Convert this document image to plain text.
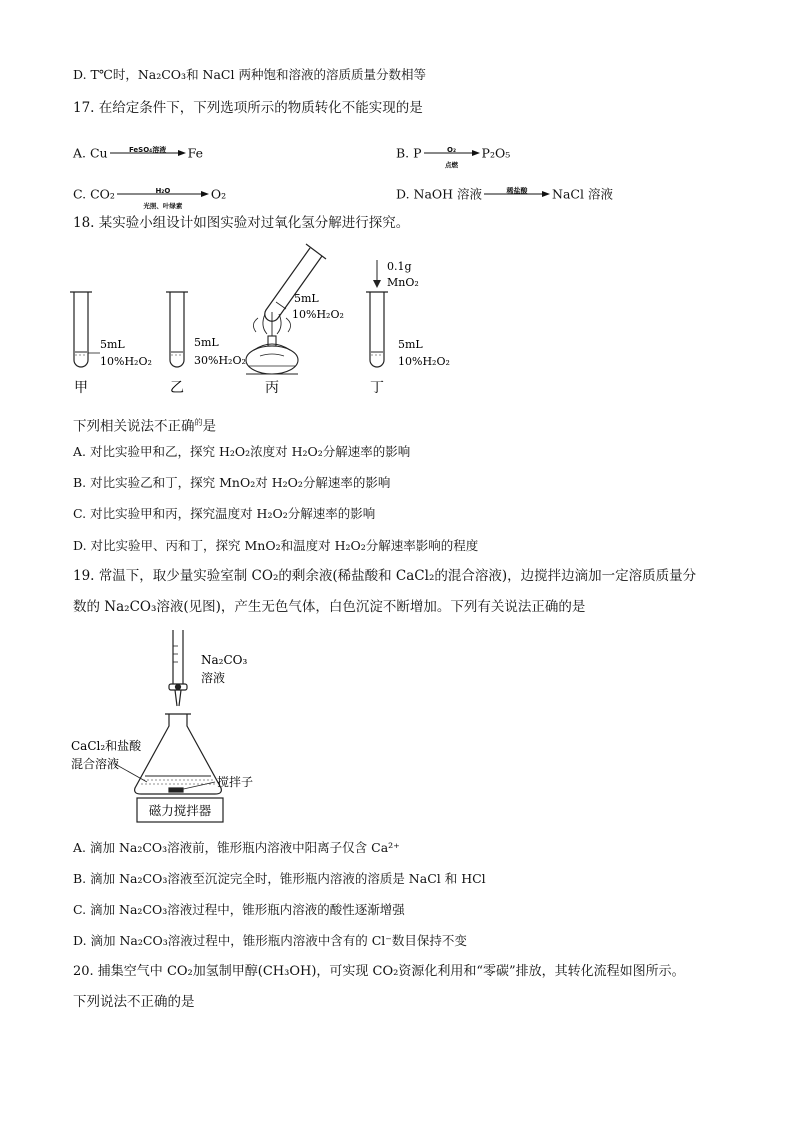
D. T℃时，Na₂CO₃和 NaCl 两种饱和溶液的溶质质量分数相等
17. 在给定条件下，下列选项所示的物质转化不能实现的是
A. Cu	FeSO₄溶液	Fe	B. P	O₂
点燃
P₂O₅
C. CO₂	H₂O
光照、叶绿素
O₂	D. NaOH 溶液	稀盐酸	NaCl 溶液
18. 某实验小组设计如图实验对过氧化氢分解进行探究。
5mL
10%H₂O₂
甲
5mL
30%H₂O₂
乙
5mL
10%H₂O₂
丙
0.1g
MnO₂
5mL
10%H₂O₂
丁
下列相关说法不正确$^的$是
A. 对比实验甲和乙，探究 H₂O₂浓度对 H₂O₂分解速率的影响
B. 对比实验乙和丁，探究 MnO₂对 H₂O₂分解速率的影响
C. 对比实验甲和丙，探究温度对 H₂O₂分解速率的影响
D. 对比实验甲、丙和丁，探究 MnO₂和温度对 H₂O₂分解速率影响的程度
19. 常温下，取少量实验室制 CO₂的剩余液(稀盐酸和 CaCl₂的混合溶液)，边搅拌边滴加一定溶质质量分
数的 Na₂CO₃溶液(见图)，产生无色气体，白色沉淀不断增加。下列有关说法正确的是
Na₂CO₃
溶液
磁力搅拌器
CaCl₂和盐酸
混合溶液
搅拌子
A. 滴加 Na₂CO₃溶液前，锥形瓶内溶液中阳离子仅含 Ca²⁺
B. 滴加 Na₂CO₃溶液至沉淀完全时，锥形瓶内溶液的溶质是 NaCl 和 HCl
C. 滴加 Na₂CO₃溶液过程中，锥形瓶内溶液的酸性逐渐增强
D. 滴加 Na₂CO₃溶液过程中，锥形瓶内溶液中含有的 Cl⁻数目保持不变
20. 捕集空气中 CO₂加氢制甲醇(CH₃OH)，可实现 CO₂资源化利用和“零碳”排放，其转化流程如图所示。
下列说法不正确的是
